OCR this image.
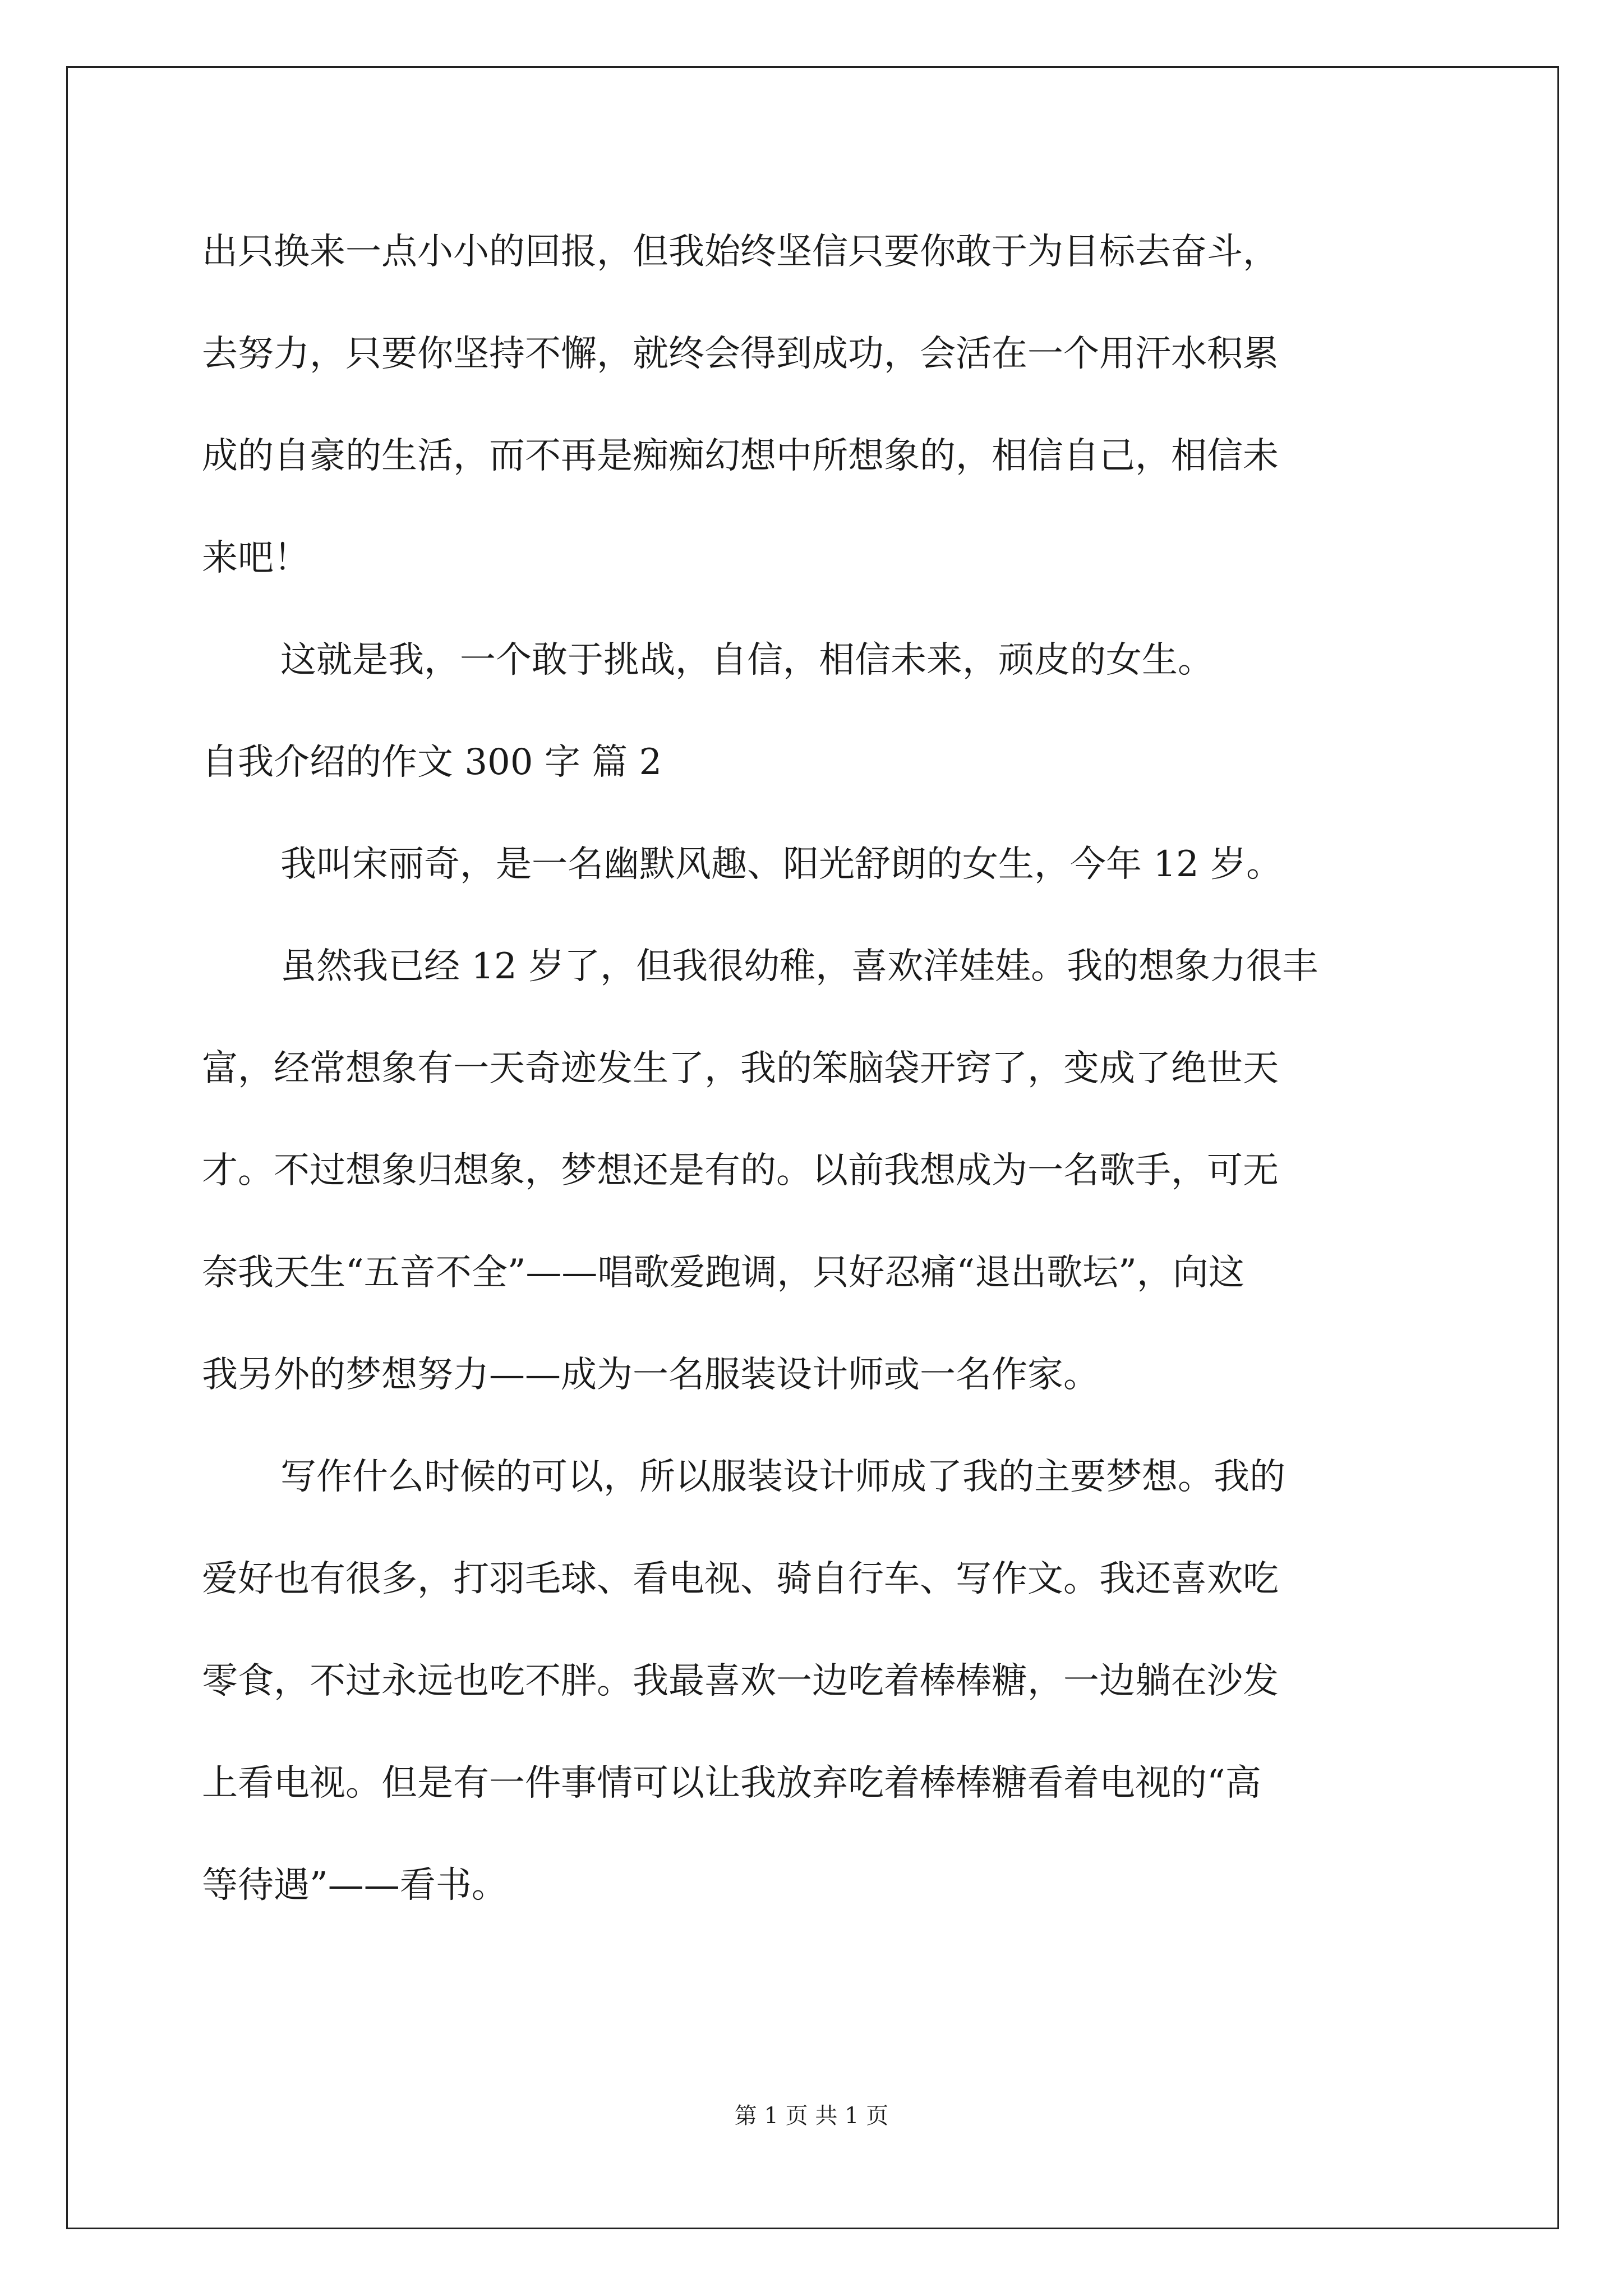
出只换来一点小小的回报，但我始终坚信只要你敢于为目标去奋斗，
去努力，只要你坚持不懈，就终会得到成功，会活在一个用汗水积累
成的自豪的生活，而不再是痴痴幻想中所想象的，相信自己，相信未
来吧！
这就是我，一个敢于挑战，自信，相信未来，顽皮的女生。
自我介绍的作文 300 字 篇 2
我叫宋丽奇，是一名幽默风趣、阳光舒朗的女生，今年 12 岁。
虽然我已经 12 岁了，但我很幼稚，喜欢洋娃娃。我的想象力很丰
富，经常想象有一天奇迹发生了，我的笨脑袋开窍了，变成了绝世天
才。不过想象归想象，梦想还是有的。以前我想成为一名歌手，可无
奈我天生“五音不全”——唱歌爱跑调，只好忍痛“退出歌坛”，向这
我另外的梦想努力——成为一名服装设计师或一名作家。
写作什么时候的可以，所以服装设计师成了我的主要梦想。我的
爱好也有很多，打羽毛球、看电视、骑自行车、写作文。我还喜欢吃
零食，不过永远也吃不胖。我最喜欢一边吃着棒棒糖，一边躺在沙发
上看电视。但是有一件事情可以让我放弃吃着棒棒糖看着电视的“高
等待遇”——看书。
第 1 页 共 1 页
